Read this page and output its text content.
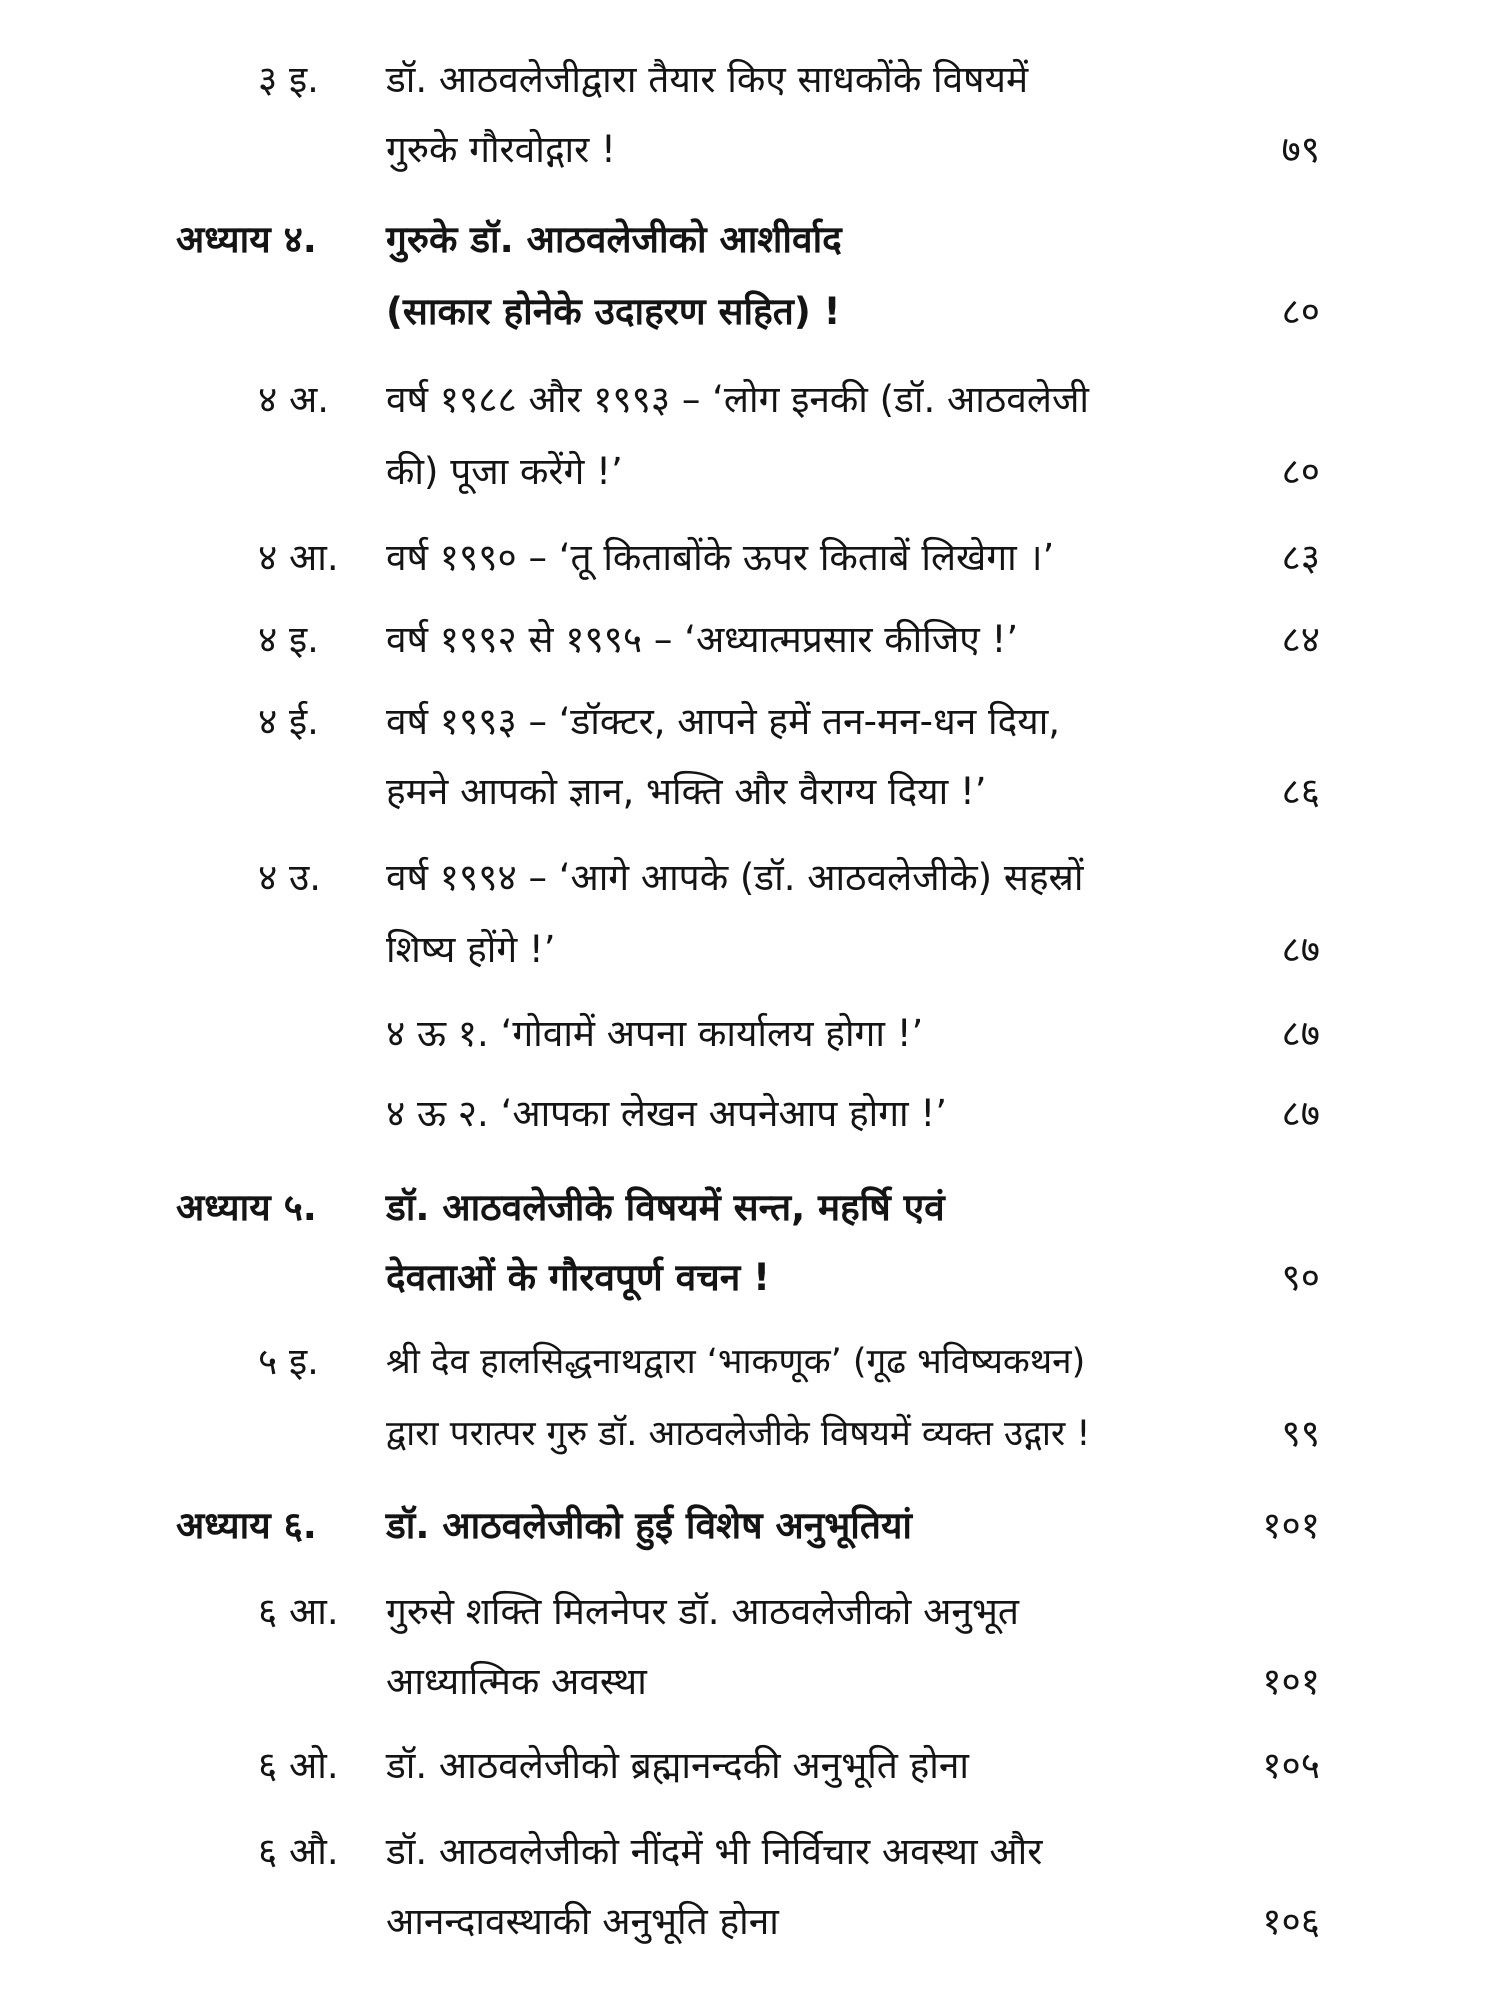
३ इ. डॉ. आठवलेजीद्वारा तैयार किए साधकोंके विषयमें
गुरुके गौरवोद्गार !	७९
अध्याय ४. गुरुके डॉ. आठवलेजीको आशीर्वाद
(साकार होनेके उदाहरण सहित) !	८०
४ अ. वर्ष १९८८ और १९९३ – ‘लोग इनकी (डॉ. आठवलेजी
की) पूजा करेंगे !’	८०
४ आ. वर्ष १९९० – ‘तू किताबोंके ऊपर किताबें लिखेगा ।’	८३
४ इ. वर्ष १९९२ से १९९५ – ‘अध्यात्मप्रसार कीजिए !’	८४
४ ई. वर्ष १९९३ – ‘डॉक्टर, आपने हमें तन-मन-धन दिया,
हमने आपको ज्ञान, भक्ति और वैराग्य दिया !’	८६
४ उ. वर्ष १९९४ – ‘आगे आपके (डॉ. आठवलेजीके) सहस्रों
शिष्य होंगे !’	८७
४ ऊ १. ‘गोवामें अपना कार्यालय होगा !’	८७
४ ऊ २. ‘आपका लेखन अपनेआप होगा !’	८७
अध्याय ५. डॉ. आठवलेजीके विषयमें सन्त, महर्षि एवं
देवताओं के गौरवपूर्ण वचन !	९०
५ इ. श्री देव हालसिद्धनाथद्वारा ‘भाकणूक’ (गूढ भविष्यकथन)
द्वारा परात्पर गुरु डॉ. आठवलेजीके विषयमें व्यक्त उद्गार !	९९
अध्याय ६. डॉ. आठवलेजीको हुई विशेष अनुभूतियां	१०१
६ आ. गुरुसे शक्ति मिलनेपर डॉ. आठवलेजीको अनुभूत
आध्यात्मिक अवस्था	१०१
६ ओ. डॉ. आठवलेजीको ब्रह्मानन्दकी अनुभूति होना	१०५
६ औ. डॉ. आठवलेजीको नींदमें भी निर्विचार अवस्था और
आनन्दावस्थाकी अनुभूति होना	१०६
